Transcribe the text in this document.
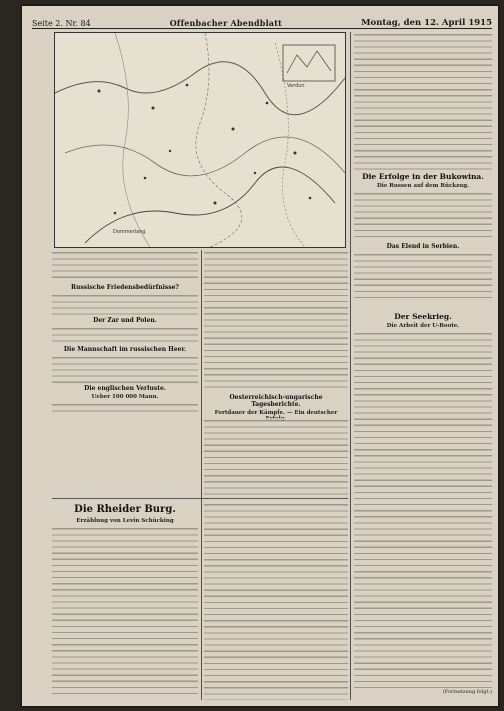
Seite 2. Nr. 84	Offenbacher Abendblatt	Montag, den 12. April 1915
Dommerlang
Verdun
Die Erfolge in der Bukowina.
Die Russen auf dem Rückzug.
Das Elend in Serbien.
Der Seekrieg.
Die Arbeit der U-Boote.
(Fortsetzung folgt.)
Russische Friedensbedürfnisse?
Der Zar und Polen.
Die Mannschaft im russischen Heer.
Die englischen Verluste.
Ueber 100 000 Mann.	Oesterreichisch-ungarische Tagesberichte.
Fortdauer der Kämpfe. — Ein deutscher
Die Rheider Burg.
Erzählung von Levin Schücking
